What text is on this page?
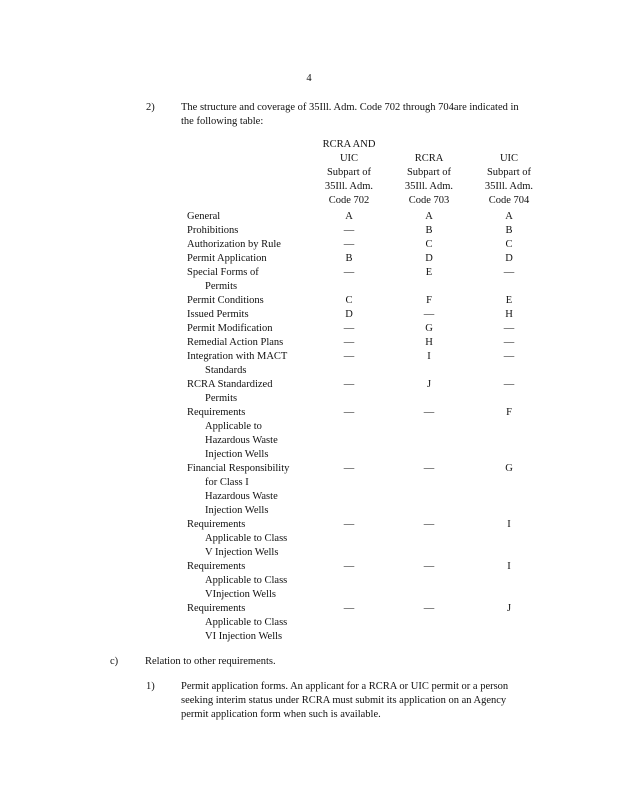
4
2)	The structure and coverage of 35Ill. Adm. Code 702 through 704are indicated in the following table:
RCRA AND
UIC
Subpart of
35Ill. Adm.
Code 702
RCRA
Subpart of
35Ill. Adm.
Code 703
UIC
Subpart of
35Ill. Adm.
Code 704
General	A	A	A
Prohibitions	—	B	B
Authorization by Rule	—	C	C
Permit Application	B	D	D
Special Forms of
Permits
—	E	—
Permit Conditions	C	F	E
Issued Permits	D	—	H
Permit Modification	—	G	—
Remedial Action Plans	—	H	—
Integration with MACT
Standards
—	I	—
RCRA Standardized
Permits
—	J	—
Requirements
Applicable to
Hazardous Waste
Injection Wells
—	—	F
Financial Responsibility
for Class I
Hazardous Waste
Injection Wells
—	—	G
Requirements
Applicable to Class
V Injection Wells
—	—	I
Requirements
Applicable to Class
VInjection Wells
—	—	I
Requirements
Applicable to Class
VI Injection Wells
—	—	J
c)	Relation to other requirements.
1)	Permit application forms. An applicant for a RCRA or UIC permit or a person seeking interim status under RCRA must submit its application on an Agency permit application form when such is available.
